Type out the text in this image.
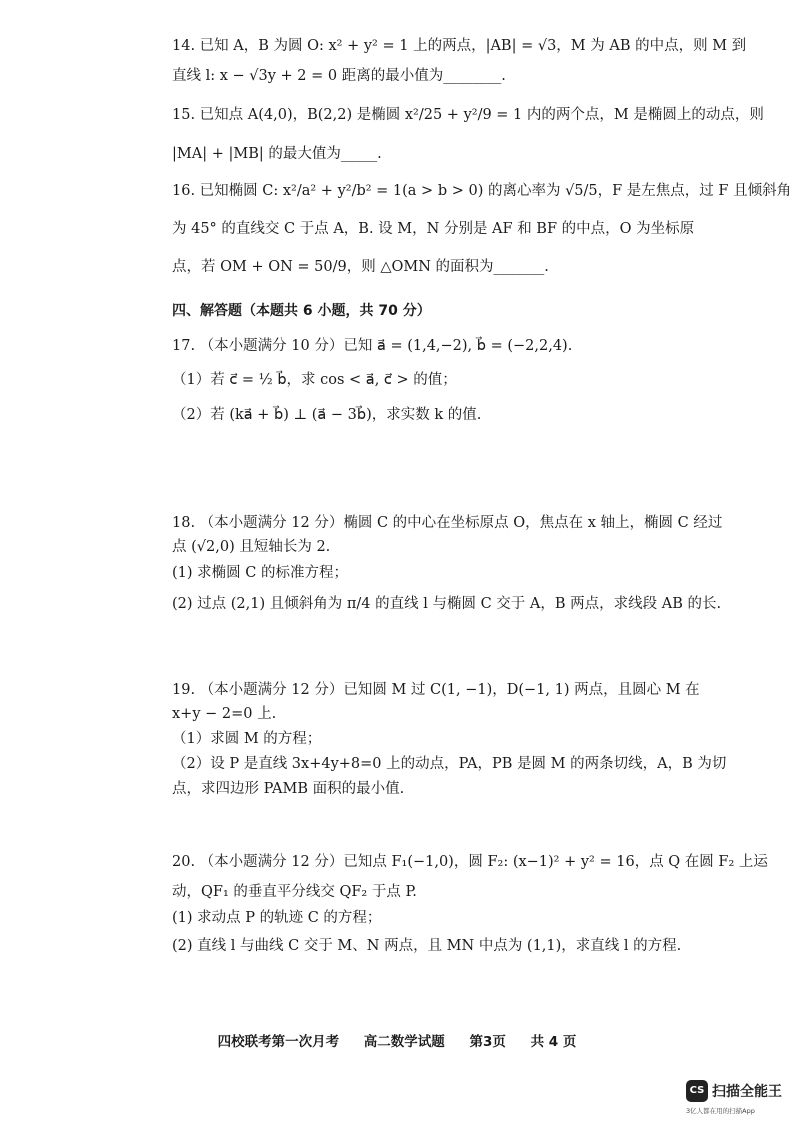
14. 已知 A，B 为圆 O: x² + y² = 1 上的两点，|AB| = √3，M 为 AB 的中点，则 M 到
直线 l: x − √3y + 2 = 0 距离的最小值为________.
15. 已知点 A(4,0)，B(2,2) 是椭圆 x²/25 + y²/9 = 1 内的两个点，M 是椭圆上的动点，则
|MA| + |MB| 的最大值为_____.
16. 已知椭圆 C: x²/a² + y²/b² = 1(a > b > 0) 的离心率为 √5/5，F 是左焦点，过 F 且倾斜角
为 45° 的直线交 C 于点 A，B. 设 M，N 分别是 AF 和 BF 的中点，O 为坐标原
点，若 OM + ON = 50/9，则 △OMN 的面积为_______.
四、解答题（本题共 6 小题，共 70 分）
17. （本小题满分 10 分）已知 a⃗ = (1,4,−2), b⃗ = (−2,2,4).
（1）若 c⃗ = ½ b⃗，求 cos < a⃗, c⃗ > 的值；
（2）若 (ka⃗ + b⃗) ⊥ (a⃗ − 3b⃗)，求实数 k 的值.
18. （本小题满分 12 分）椭圆 C 的中心在坐标原点 O，焦点在 x 轴上，椭圆 C 经过
点 (√2,0) 且短轴长为 2.
(1) 求椭圆 C 的标准方程；
(2) 过点 (2,1) 且倾斜角为 π/4 的直线 l 与椭圆 C 交于 A，B 两点，求线段 AB 的长.
19. （本小题满分 12 分）已知圆 M 过 C(1, −1)，D(−1, 1) 两点，且圆心 M 在
x+y − 2=0 上.
（1）求圆 M 的方程；
（2）设 P 是直线 3x+4y+8=0 上的动点，PA，PB 是圆 M 的两条切线，A，B 为切
点，求四边形 PAMB 面积的最小值.
20. （本小题满分 12 分）已知点 F₁(−1,0)，圆 F₂: (x−1)² + y² = 16，点 Q 在圆 F₂ 上运
动，QF₁ 的垂直平分线交 QF₂ 于点 P.
(1) 求动点 P 的轨迹 C 的方程；
(2) 直线 l 与曲线 C 交于 M、N 两点，且 MN 中点为 (1,1)，求直线 l 的方程.
四校联考第一次月考 高二数学试题 第3页 共 4 页
CS 扫描全能王
3亿人都在用的扫描App
